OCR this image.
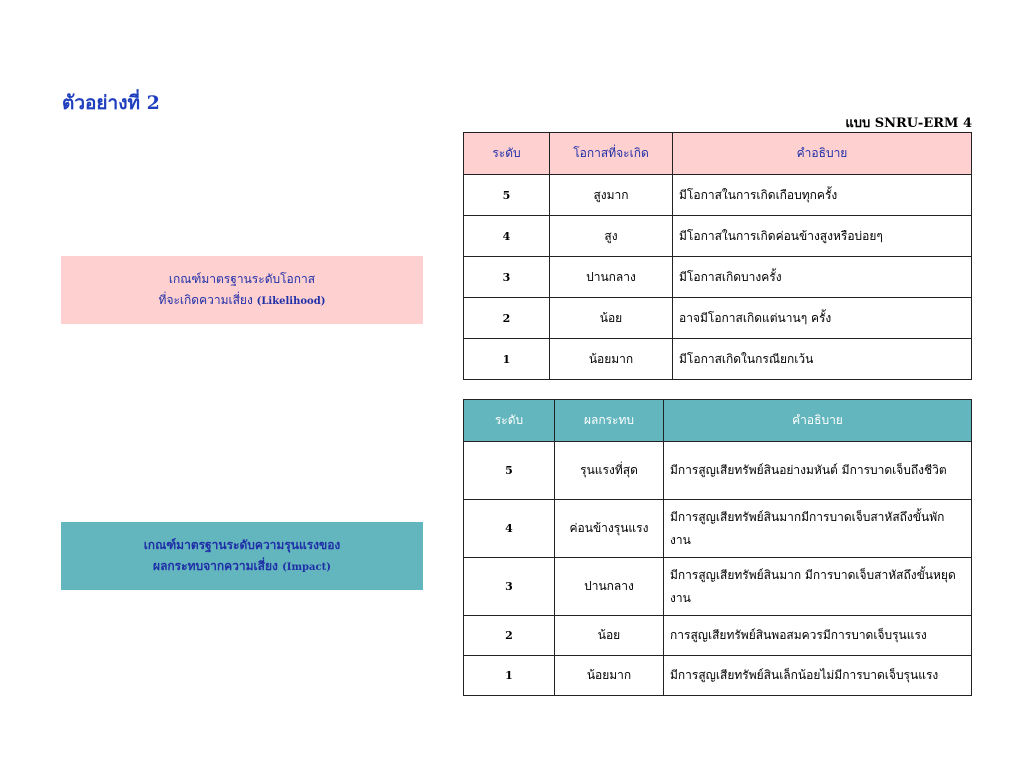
ตัวอย่างที่ 2
แบบ SNRU-ERM 4
เกณฑ์มาตรฐานระดับโอกาส
ที่จะเกิดความเสี่ยง (Likelihood)
เกณฑ์มาตรฐานระดับความรุนแรงของ
ผลกระทบจากความเสี่ยง (Impact)
ระดับ	โอกาสที่จะเกิด	คำอธิบาย
5	สูงมาก	มีโอกาสในการเกิดเกือบทุกครั้ง
4	สูง	มีโอกาสในการเกิดค่อนข้างสูงหรือบ่อยๆ
3	ปานกลาง	มีโอกาสเกิดบางครั้ง
2	น้อย	อาจมีโอกาสเกิดแต่นานๆ ครั้ง
1	น้อยมาก	มีโอกาสเกิดในกรณียกเว้น
ระดับ	ผลกระทบ	คำอธิบาย
5	รุนแรงที่สุด	มีการสูญเสียทรัพย์สินอย่างมหันต์ มีการบาดเจ็บถึงชีวิต
4	ค่อนข้างรุนแรง	มีการสูญเสียทรัพย์สินมากมีการบาดเจ็บสาหัสถึงขั้นพักงาน
3	ปานกลาง	มีการสูญเสียทรัพย์สินมาก มีการบาดเจ็บสาหัสถึงขั้นหยุดงาน
2	น้อย	การสูญเสียทรัพย์สินพอสมควรมีการบาดเจ็บรุนแรง
1	น้อยมาก	มีการสูญเสียทรัพย์สินเล็กน้อยไม่มีการบาดเจ็บรุนแรง
